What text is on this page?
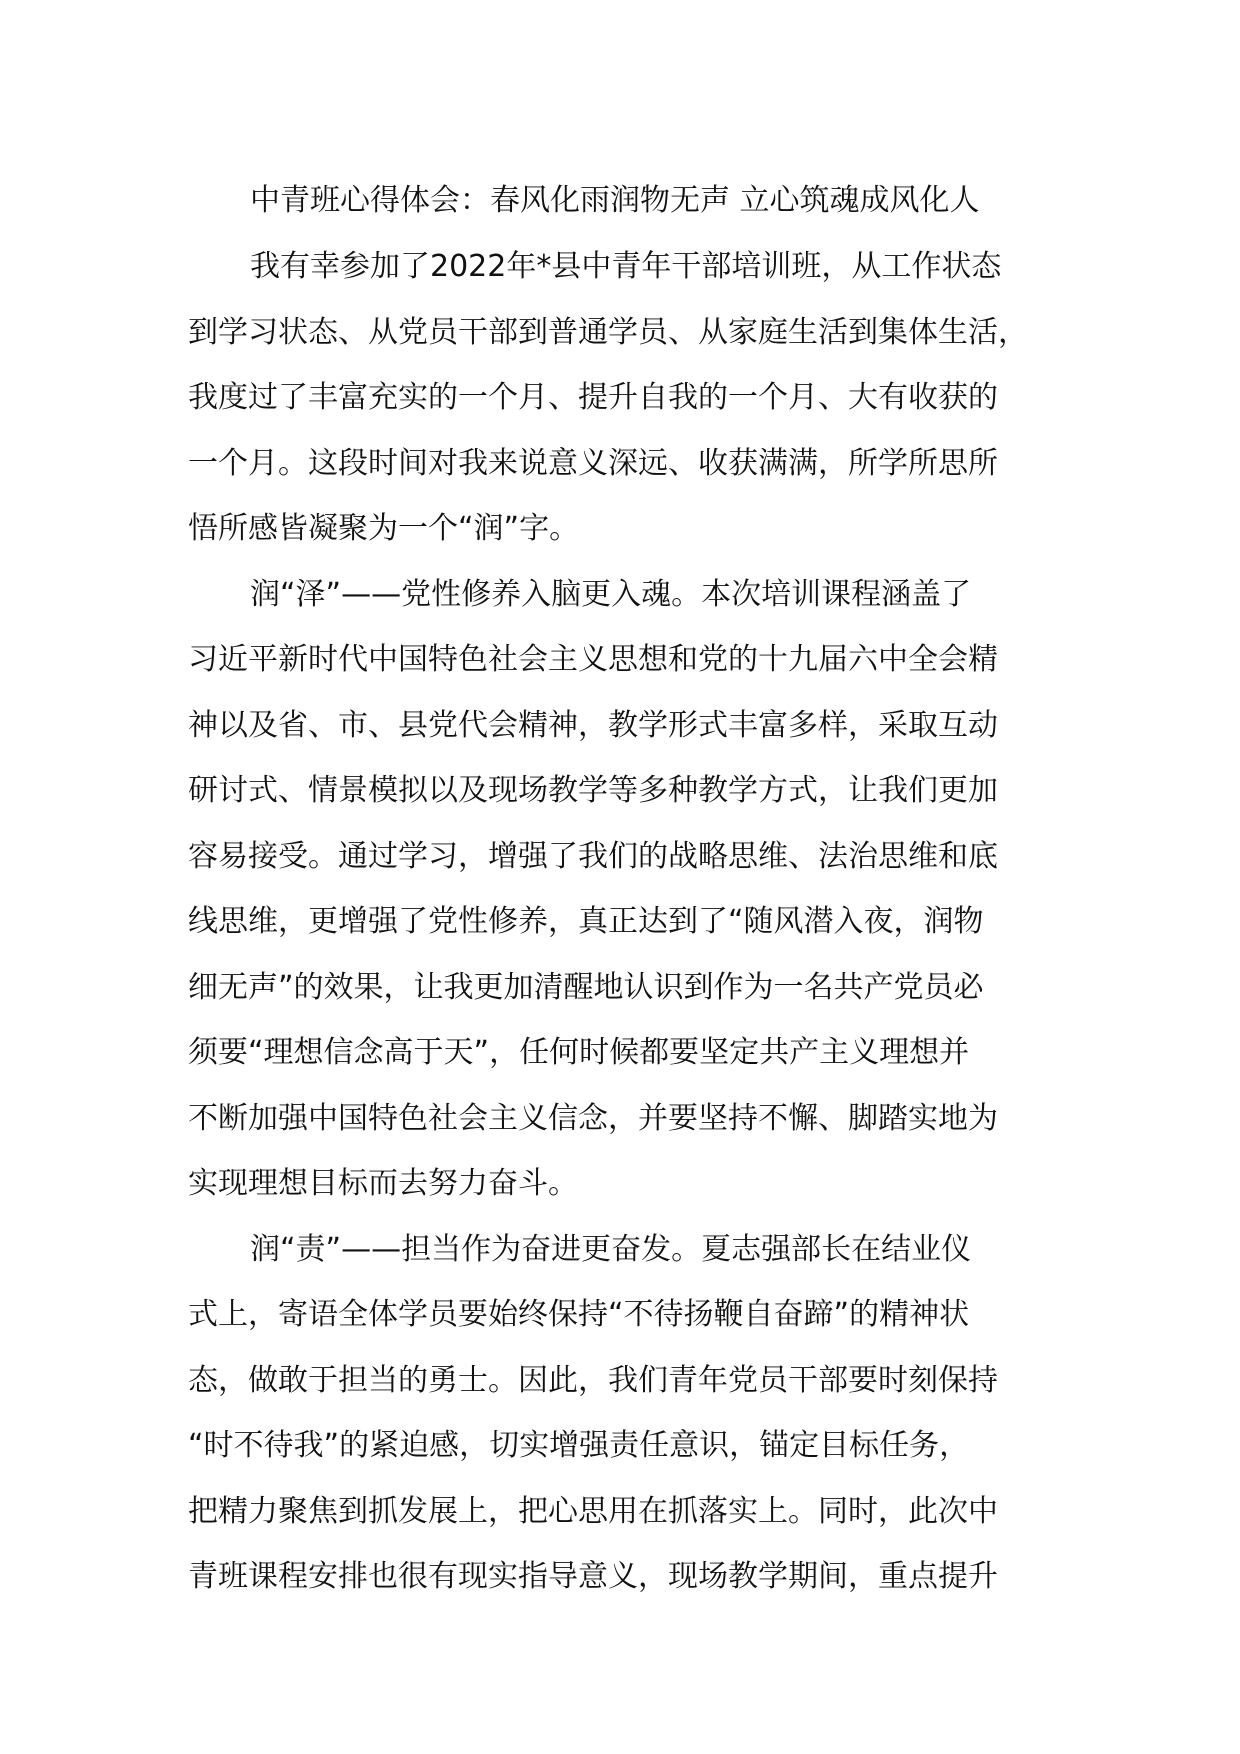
中青班心得体会：春风化雨润物无声 立心筑魂成风化人

我有幸参加了2022年*县中青年干部培训班，从工作状态
到学习状态、从党员干部到普通学员、从家庭生活到集体生活，
我度过了丰富充实的一个月、提升自我的一个月、大有收获的
一个月。这段时间对我来说意义深远、收获满满，所学所思所
悟所感皆凝聚为一个“润”字。

润“泽”——党性修养入脑更入魂。本次培训课程涵盖了
习近平新时代中国特色社会主义思想和党的十九届六中全会精
神以及省、市、县党代会精神，教学形式丰富多样，采取互动
研讨式、情景模拟以及现场教学等多种教学方式，让我们更加
容易接受。通过学习，增强了我们的战略思维、法治思维和底
线思维，更增强了党性修养，真正达到了“随风潜入夜，润物
细无声”的效果，让我更加清醒地认识到作为一名共产党员必
须要“理想信念高于天”，任何时候都要坚定共产主义理想并
不断加强中国特色社会主义信念，并要坚持不懈、脚踏实地为
实现理想目标而去努力奋斗。

润“责”——担当作为奋进更奋发。夏志强部长在结业仪
式上，寄语全体学员要始终保持“不待扬鞭自奋蹄”的精神状
态，做敢于担当的勇士。因此，我们青年党员干部要时刻保持
“时不待我”的紧迫感，切实增强责任意识，锚定目标任务，
把精力聚焦到抓发展上，把心思用在抓落实上。同时，此次中
青班课程安排也很有现实指导意义，现场教学期间，重点提升
